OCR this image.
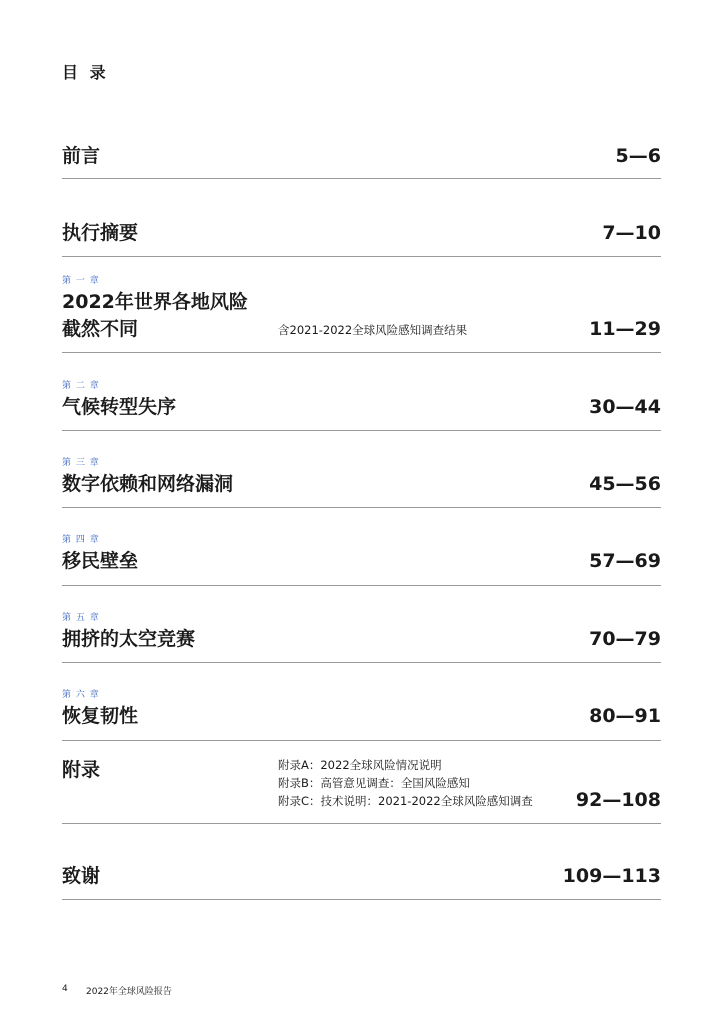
目 录
前言	5—6
执行摘要	7—10
第 一 章
2022年世界各地风险
截然不同	含2021-2022全球风险感知调查结果	11—29
第 二 章
气候转型失序	30—44
第 三 章
数字依赖和网络漏洞	45—56
第 四 章
移民壁垒	57—69
第 五 章
拥挤的太空竞赛	70—79
第 六 章
恢复韧性	80—91
附录	附录A：2022全球风险情况说明
附录B：高管意见调查：全国风险感知
附录C：技术说明：2021-2022全球风险感知调查 92—108
致谢	109—113
4 2022年全球风险报告
